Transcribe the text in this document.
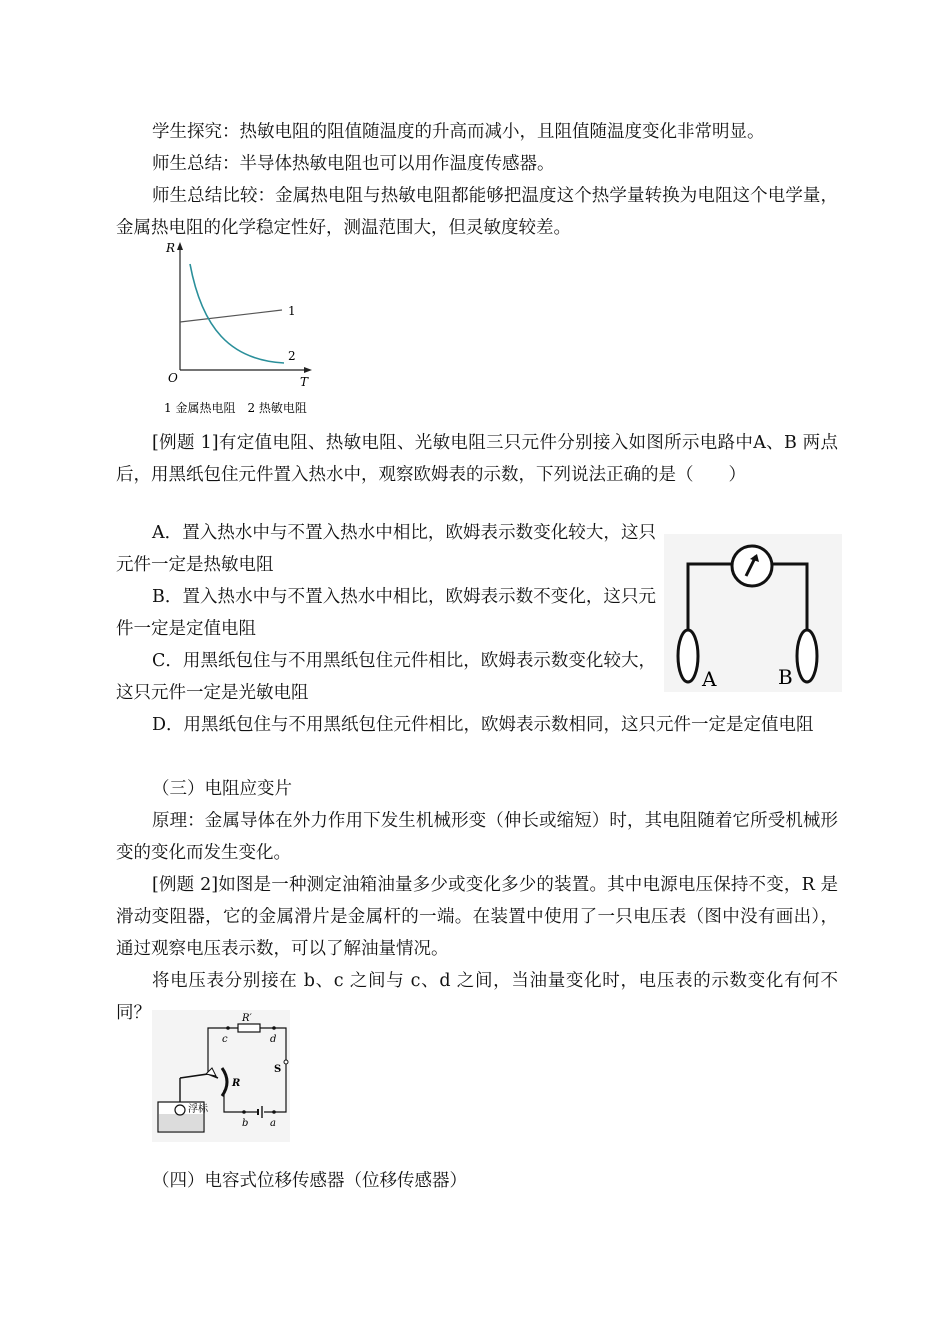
学生探究：热敏电阻的阻值随温度的升高而减小，且阻值随温度变化非常明显。

师生总结：半导体热敏电阻也可以用作温度传感器。

师生总结比较：金属热电阻与热敏电阻都能够把温度这个热学量转换为电阻这个电学量，金属热电阻的化学稳定性好，测温范围大，但灵敏度较差。

R
T
O
1
2
1 金属热电阻　2 热敏电阻

[例题 1]有定值电阻、热敏电阻、光敏电阻三只元件分别接入如图所示电路中A、B 两点后，用黑纸包住元件置入热水中，观察欧姆表的示数，下列说法正确的是（　　）

A．置入热水中与不置入热水中相比，欧姆表示数变化较大，这只元件一定是热敏电阻

B．置入热水中与不置入热水中相比，欧姆表示数不变化，这只元件一定是定值电阻

C．用黑纸包住与不用黑纸包住元件相比，欧姆表示数变化较大，这只元件一定是光敏电阻

A	B

D．用黑纸包住与不用黑纸包住元件相比，欧姆表示数相同，这只元件一定是定值电阻

（三）电阻应变片

原理：金属导体在外力作用下发生机械形变（伸长或缩短）时，其电阻随着它所受机械形变的变化而发生变化。

[例题 2]如图是一种测定油箱油量多少或变化多少的装置。其中电源电压保持不变，R 是滑动变阻器，它的金属滑片是金属杆的一端。在装置中使用了一只电压表（图中没有画出），通过观察电压表示数，可以了解油量情况。

将电压表分别接在 b、c 之间与 c、d 之间，当油量变化时，电压表的示数变化有何不同？	R′
c	d
S
R
b a
浮标

（四）电容式位移传感器（位移传感器）
